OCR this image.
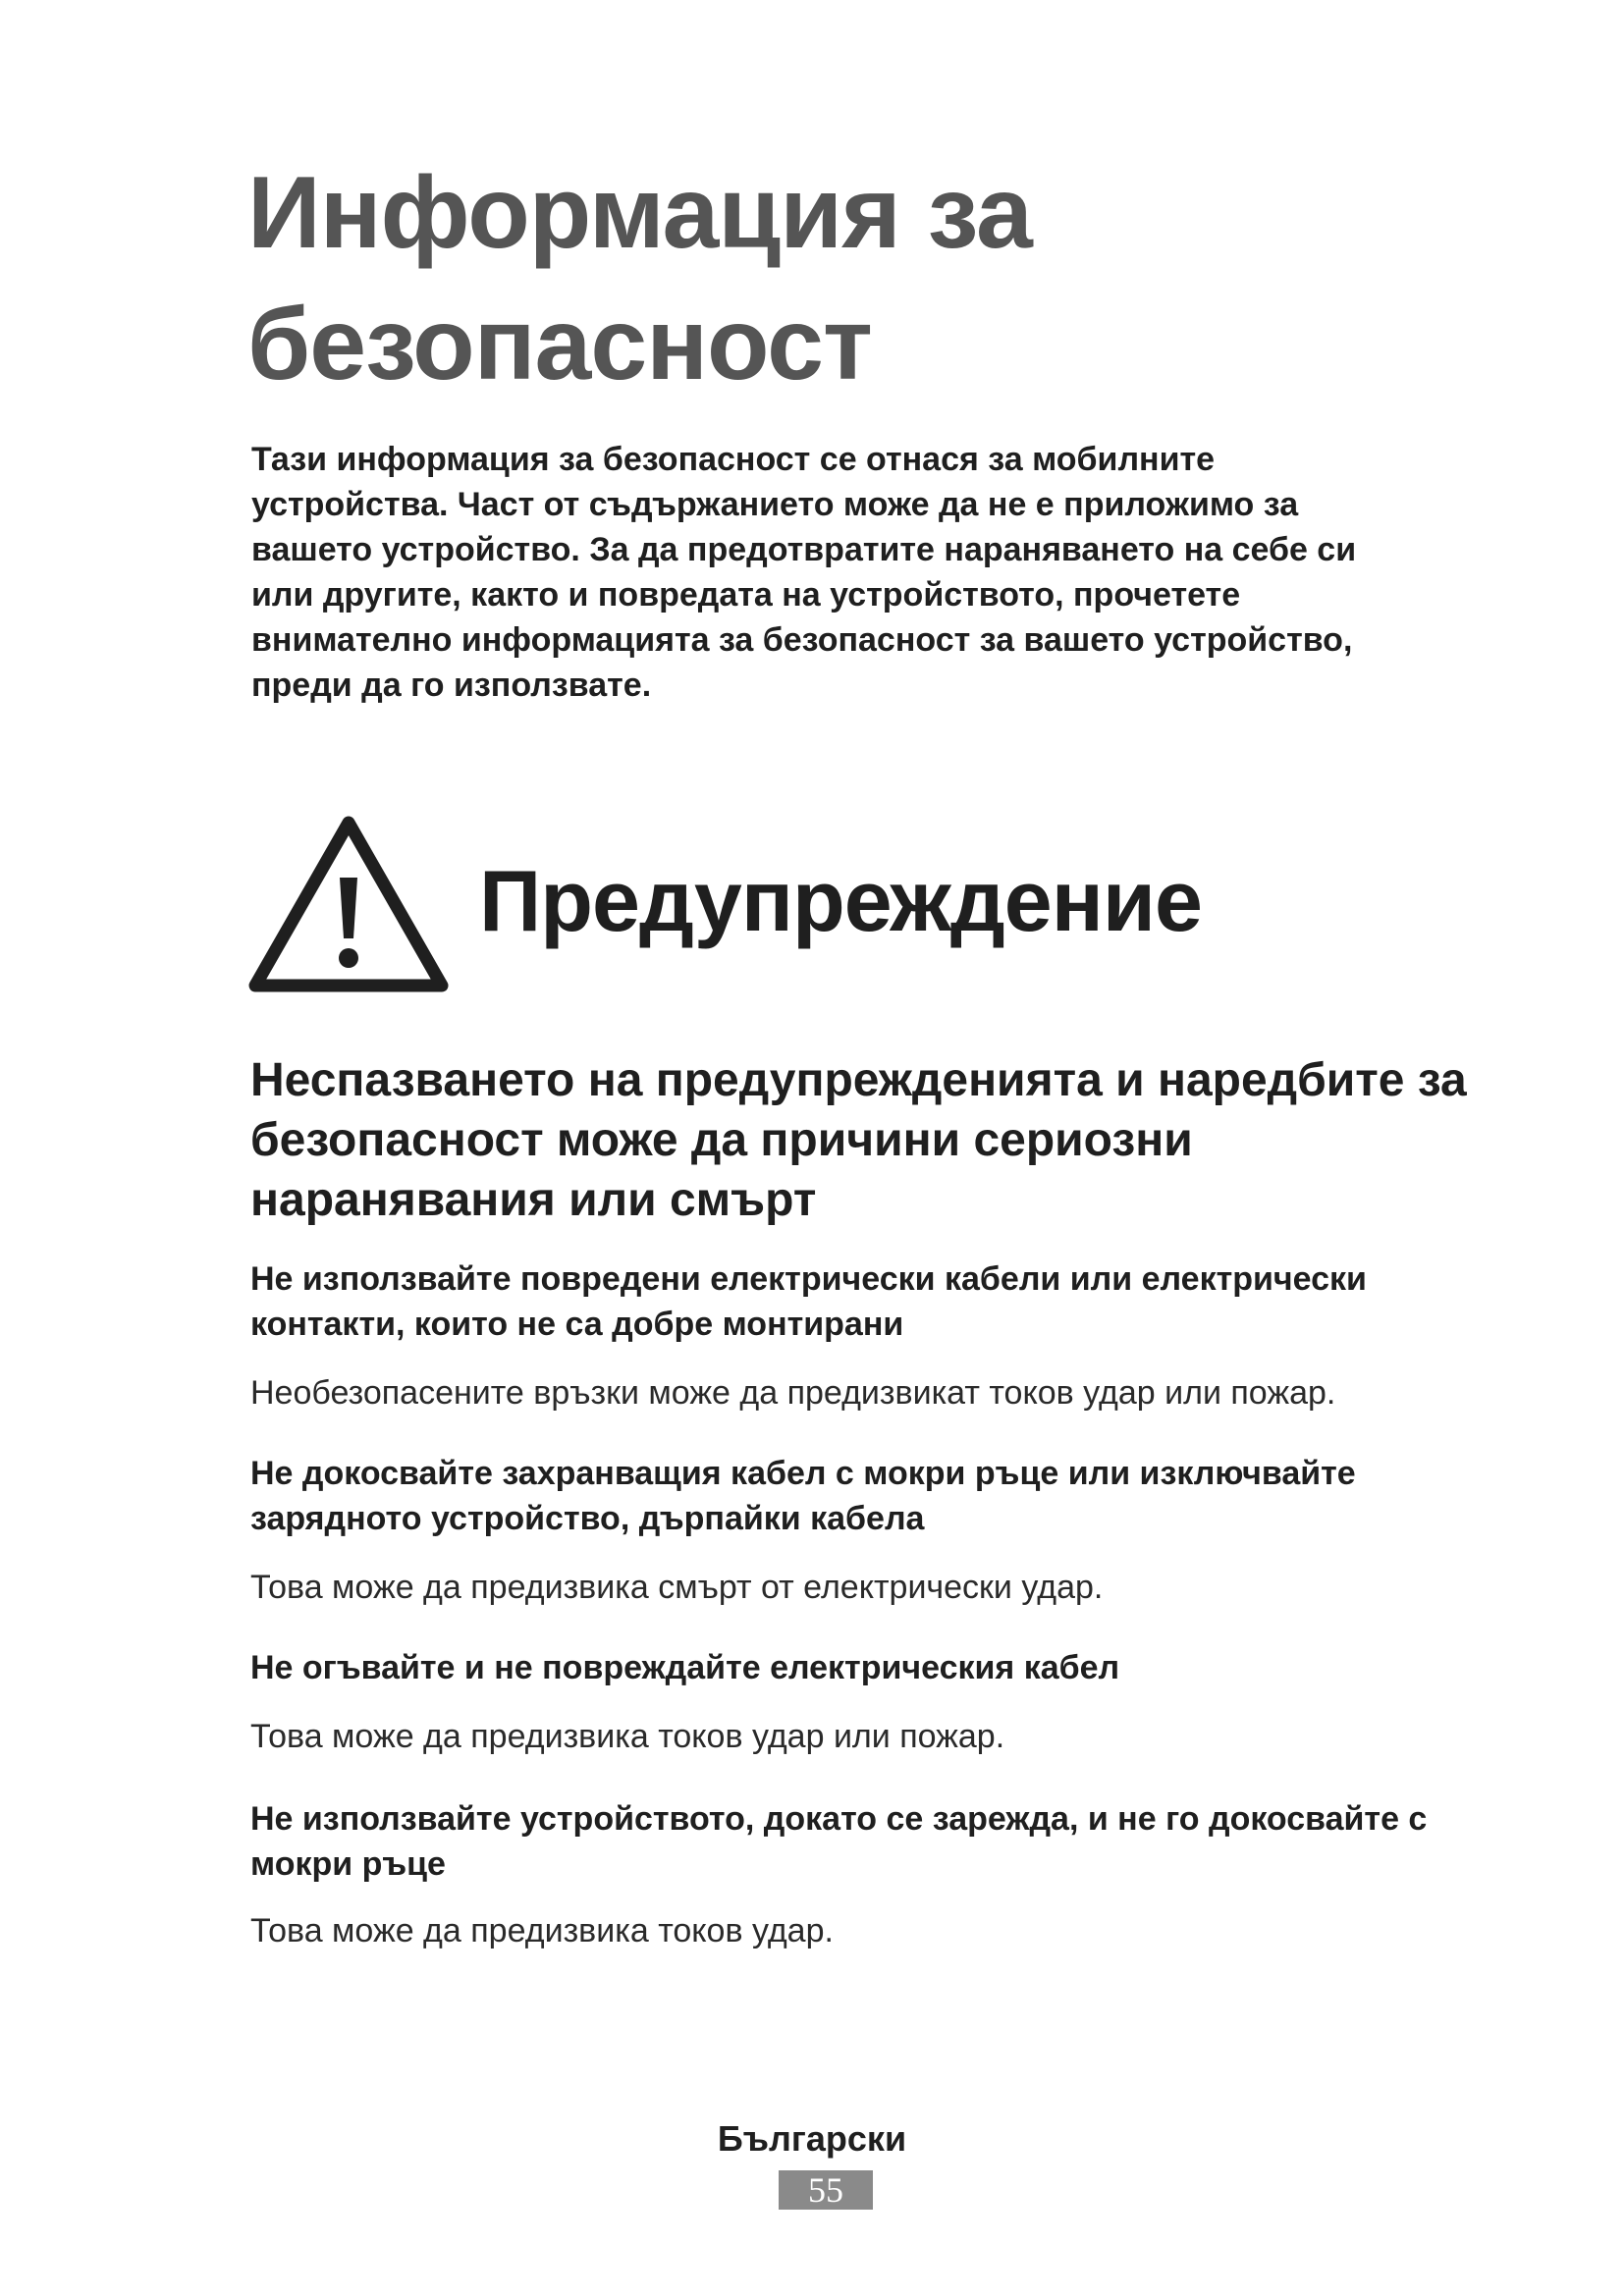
Информация за безопасност

Тази информация за безопасност се отнася за мобилните устройства. Част от съдържанието може да не е приложимо за вашето устройство. За да предотвратите нараняването на себе си или другите, както и повредата на устройството, прочетете внимателно информацията за безопасност за вашето устройство, преди да го използвате.

Предупреждение
Неспазването на предупрежденията и наредбите за безопасност може да причини сериозни наранявания или смърт
Не използвайте повредени електрически кабели или електрически контакти, които не са добре монтирани

Необезопасените връзки може да предизвикат токов удар или пожар.

Не докосвайте захранващия кабел с мокри ръце или изключвайте зарядното устройство, дърпайки кабела

Това може да предизвика смърт от електрически удар.

Не огъвайте и не повреждайте електрическия кабел

Това може да предизвика токов удар или пожар.

Не използвайте устройството, докато се зарежда, и не го докосвайте с мокри ръце

Това може да предизвика токов удар.

Български
55
